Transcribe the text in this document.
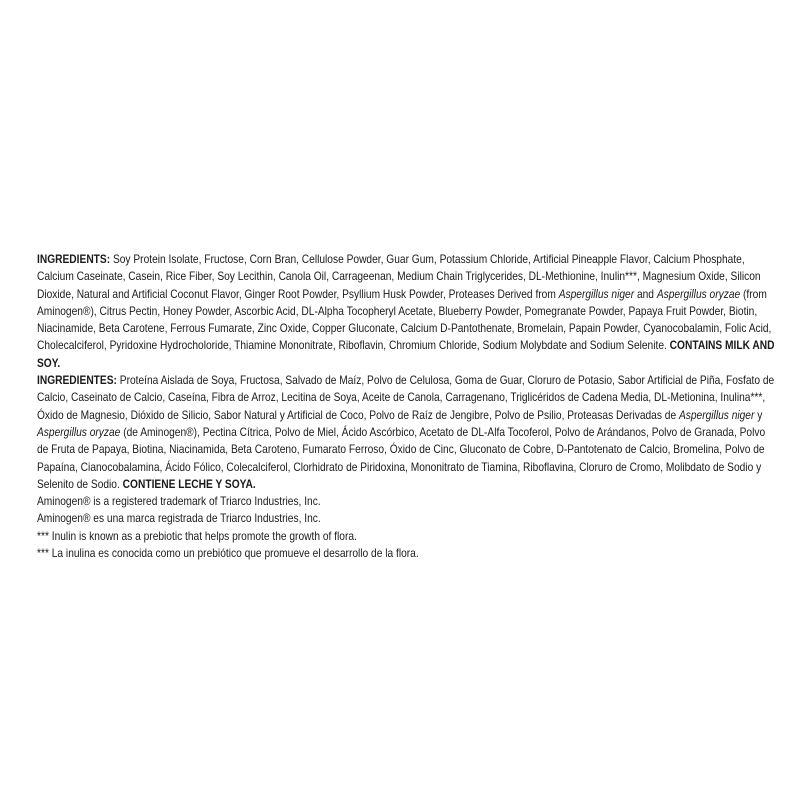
INGREDIENTS: Soy Protein Isolate, Fructose, Corn Bran, Cellulose Powder, Guar Gum, Potassium Chloride, Artificial Pineapple Flavor, Calcium Phosphate, Calcium Caseinate, Casein, Rice Fiber, Soy Lecithin, Canola Oil, Carrageenan, Medium Chain Triglycerides, DL-Methionine, Inulin***, Magnesium Oxide, Silicon Dioxide, Natural and Artificial Coconut Flavor, Ginger Root Powder, Psyllium Husk Powder, Proteases Derived from Aspergillus niger and Aspergillus oryzae (from Aminogen®), Citrus Pectin, Honey Powder, Ascorbic Acid, DL-Alpha Tocopheryl Acetate, Blueberry Powder, Pomegranate Powder, Papaya Fruit Powder, Biotin, Niacinamide, Beta Carotene, Ferrous Fumarate, Zinc Oxide, Copper Gluconate, Calcium D-Pantothenate, Bromelain, Papain Powder, Cyanocobalamin, Folic Acid, Cholecalciferol, Pyridoxine Hydrocholoride, Thiamine Mononitrate, Riboflavin, Chromium Chloride, Sodium Molybdate and Sodium Selenite. CONTAINS MILK AND SOY.

INGREDIENTES: Proteína Aislada de Soya, Fructosa, Salvado de Maíz, Polvo de Celulosa, Goma de Guar, Cloruro de Potasio, Sabor Artificial de Piña, Fosfato de Calcio, Caseinato de Calcio, Caseína, Fibra de Arroz, Lecitina de Soya, Aceite de Canola, Carragenano, Triglicéridos de Cadena Media, DL-Metionina, Inulina***, Óxido de Magnesio, Dióxido de Silicio, Sabor Natural y Artificial de Coco, Polvo de Raíz de Jengibre, Polvo de Psilio, Proteasas Derivadas de Aspergillus niger y Aspergillus oryzae (de Aminogen®), Pectina Cítrica, Polvo de Miel, Ácido Ascórbico, Acetato de DL-Alfa Tocoferol, Polvo de Arándanos, Polvo de Granada, Polvo de Fruta de Papaya, Biotina, Niacinamida, Beta Caroteno, Fumarato Ferroso, Óxido de Cinc, Gluconato de Cobre, D-Pantotenato de Calcio, Bromelina, Polvo de Papaína, Cianocobalamina, Ácido Fólico, Colecalciferol, Clorhidrato de Piridoxina, Mononitrato de Tiamina, Riboflavina, Cloruro de Cromo, Molibdato de Sodio y Selenito de Sodio. CONTIENE LECHE Y SOYA.

Aminogen® is a registered trademark of Triarco Industries, Inc.

Aminogen® es una marca registrada de Triarco Industries, Inc.

*** Inulin is known as a prebiotic that helps promote the growth of flora.

*** La inulina es conocida como un prebiótico que promueve el desarrollo de la flora.
